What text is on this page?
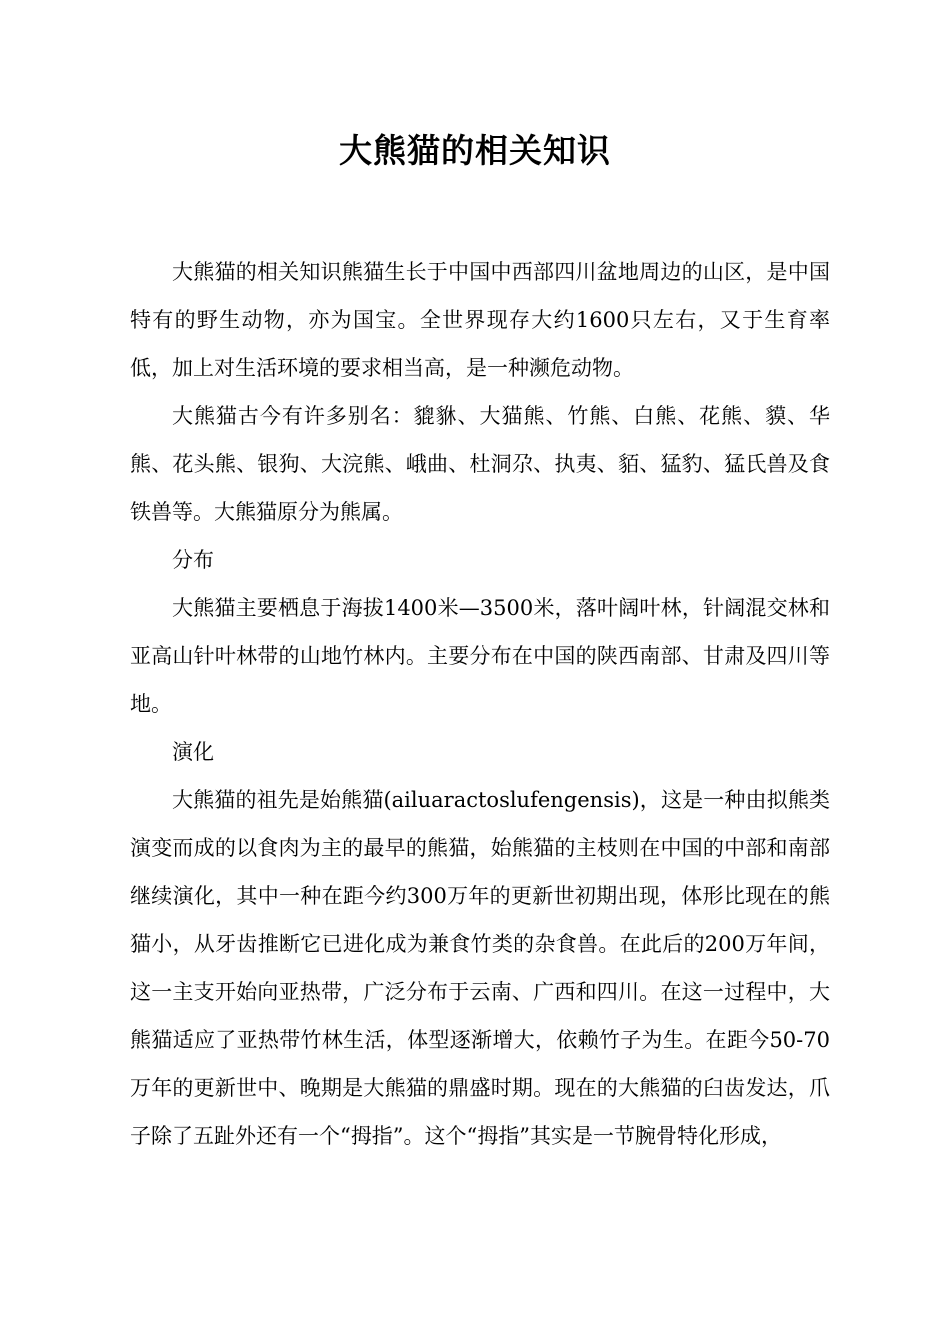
大熊猫的相关知识

大熊猫的相关知识熊猫生长于中国中西部四川盆地周边的山区，是中国特有的野生动物，亦为国宝。全世界现存大约1600只左右，又于生育率低，加上对生活环境的要求相当高，是一种濒危动物。

大熊猫古今有许多别名：貔貅、大猫熊、竹熊、白熊、花熊、貘、华熊、花头熊、银狗、大浣熊、峨曲、杜洞尕、执夷、貊、猛豹、猛氏兽及食铁兽等。大熊猫原分为熊属。

分布

大熊猫主要栖息于海拔1400米—3500米，落叶阔叶林，针阔混交林和亚高山针叶林带的山地竹林内。主要分布在中国的陕西南部、甘肃及四川等地。

演化

大熊猫的祖先是始熊猫(ailuaractoslufengensis)，这是一种由拟熊类演变而成的以食肉为主的最早的熊猫，始熊猫的主枝则在中国的中部和南部继续演化，其中一种在距今约300万年的更新世初期出现，体形比现在的熊猫小，从牙齿推断它已进化成为兼食竹类的杂食兽。在此后的200万年间，这一主支开始向亚热带，广泛分布于云南、广西和四川。在这一过程中，大熊猫适应了亚热带竹林生活，体型逐渐增大，依赖竹子为生。在距今50-70万年的更新世中、晚期是大熊猫的鼎盛时期。现在的大熊猫的臼齿发达，爪子除了五趾外还有一个“拇指”。这个“拇指”其实是一节腕骨特化形成，
